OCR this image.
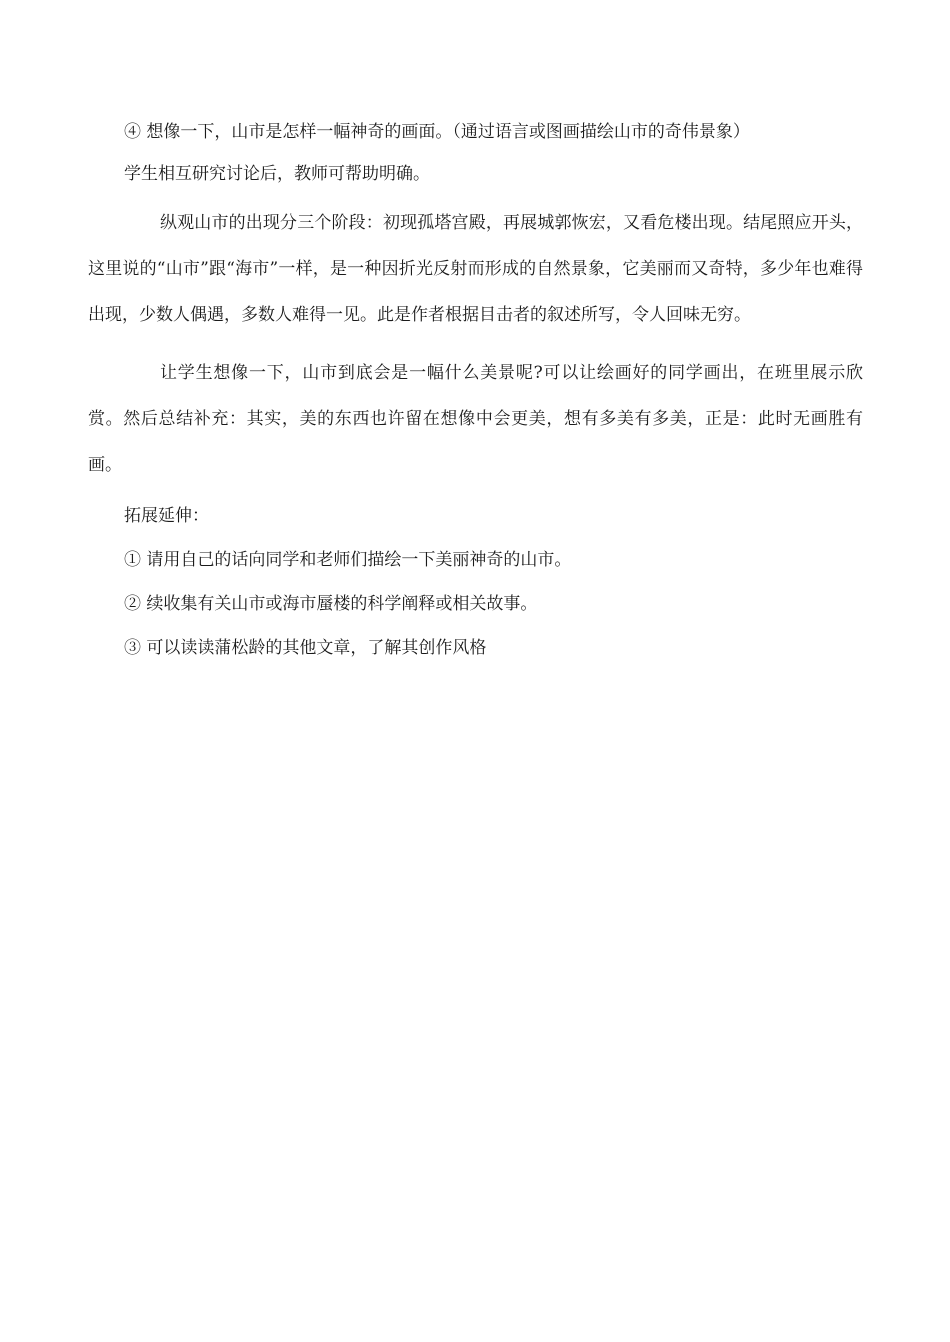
④ 想像一下，山市是怎样一幅神奇的画面。（通过语言或图画描绘山市的奇伟景象）

学生相互研究讨论后，教师可帮助明确。

纵观山市的出现分三个阶段：初现孤塔宫殿，再展城郭恢宏，又看危楼出现。结尾照应开头，这里说的“山市”跟“海市”一样，是一种因折光反射而形成的自然景象，它美丽而又奇特，多少年也难得出现，少数人偶遇，多数人难得一见。此是作者根据目击者的叙述所写，令人回味无穷。

让学生想像一下，山市到底会是一幅什么美景呢?可以让绘画好的同学画出，在班里展示欣赏。然后总结补充：其实，美的东西也许留在想像中会更美，想有多美有多美，正是：此时无画胜有画。

拓展延伸：

① 请用自己的话向同学和老师们描绘一下美丽神奇的山市。

② 续收集有关山市或海市蜃楼的科学阐释或相关故事。

③ 可以读读蒲松龄的其他文章，了解其创作风格
